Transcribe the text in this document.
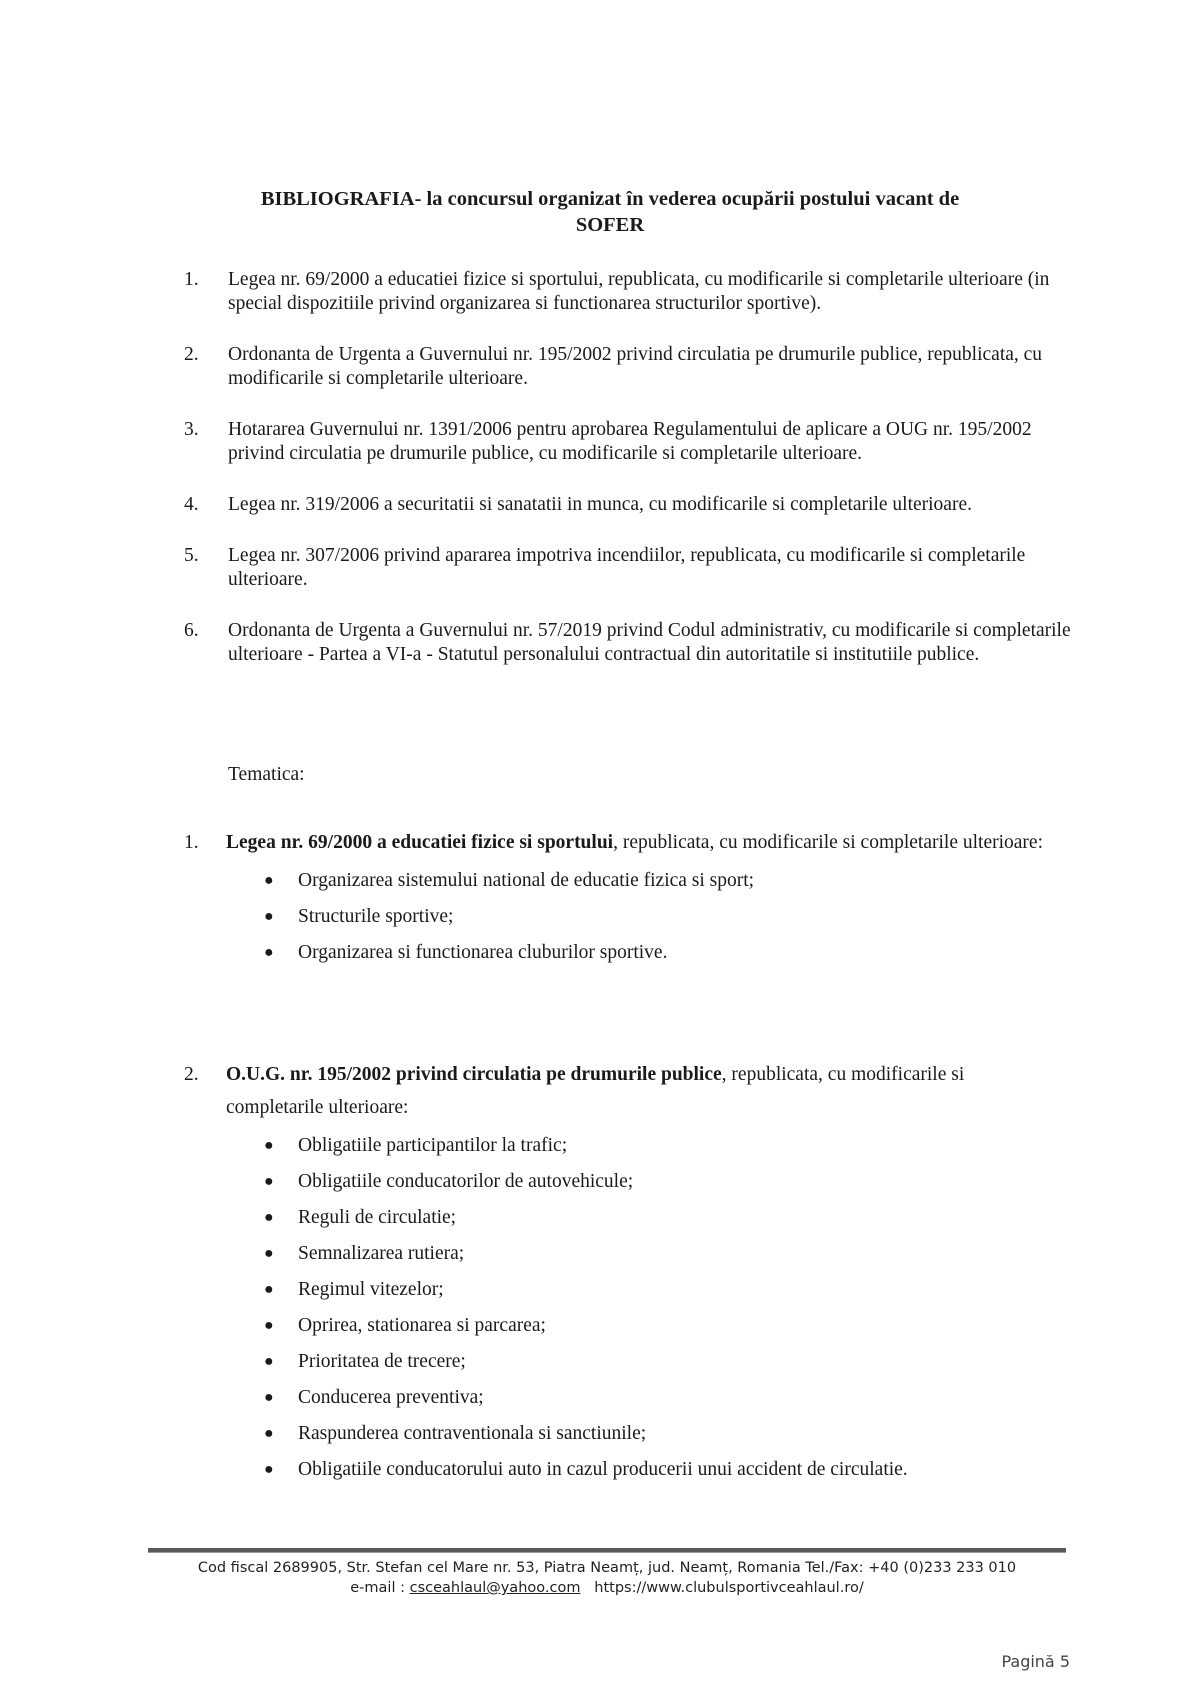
BIBLIOGRAFIA- la concursul organizat în vederea ocupării postului vacant de
SOFER
1. Legea nr. 69/2000 a educatiei fizice si sportului, republicata, cu modificarile si completarile ulterioare (in special dispozitiile privind organizarea si functionarea structurilor sportive).
2. Ordonanta de Urgenta a Guvernului nr. 195/2002 privind circulatia pe drumurile publice, republicata, cu modificarile si completarile ulterioare.
3. Hotararea Guvernului nr. 1391/2006 pentru aprobarea Regulamentului de aplicare a OUG nr. 195/2002 privind circulatia pe drumurile publice, cu modificarile si completarile ulterioare.
4. Legea nr. 319/2006 a securitatii si sanatatii in munca, cu modificarile si completarile ulterioare.
5. Legea nr. 307/2006 privind apararea impotriva incendiilor, republicata, cu modificarile si completarile ulterioare.
6. Ordonanta de Urgenta a Guvernului nr. 57/2019 privind Codul administrativ, cu modificarile si completarile ulterioare - Partea a VI-a - Statutul personalului contractual din autoritatile si institutiile publice.
Tematica:
1.	Legea nr. 69/2000 a educatiei fizice si sportului, republicata, cu modificarile si completarile ulterioare:
● Organizarea sistemului national de educatie fizica si sport;
● Structurile sportive;
● Organizarea si functionarea cluburilor sportive.
2.	O.U.G. nr. 195/2002 privind circulatia pe drumurile publice, republicata, cu modificarile si completarile ulterioare:
● Obligatiile participantilor la trafic;
● Obligatiile conducatorilor de autovehicule;
● Reguli de circulatie;
● Semnalizarea rutiera;
● Regimul vitezelor;
● Oprirea, stationarea si parcarea;
● Prioritatea de trecere;
● Conducerea preventiva;
● Raspunderea contraventionala si sanctiunile;
● Obligatiile conducatorului auto in cazul producerii unui accident de circulatie.
Cod fiscal 2689905, Str. Stefan cel Mare nr. 53, Piatra Neamț, jud. Neamț, Romania Tel./Fax: +40 (0)233 233 010
e-mail : csceahlaul@yahoo.com https://www.clubulsportivceahlaul.ro/
Pagină 5
